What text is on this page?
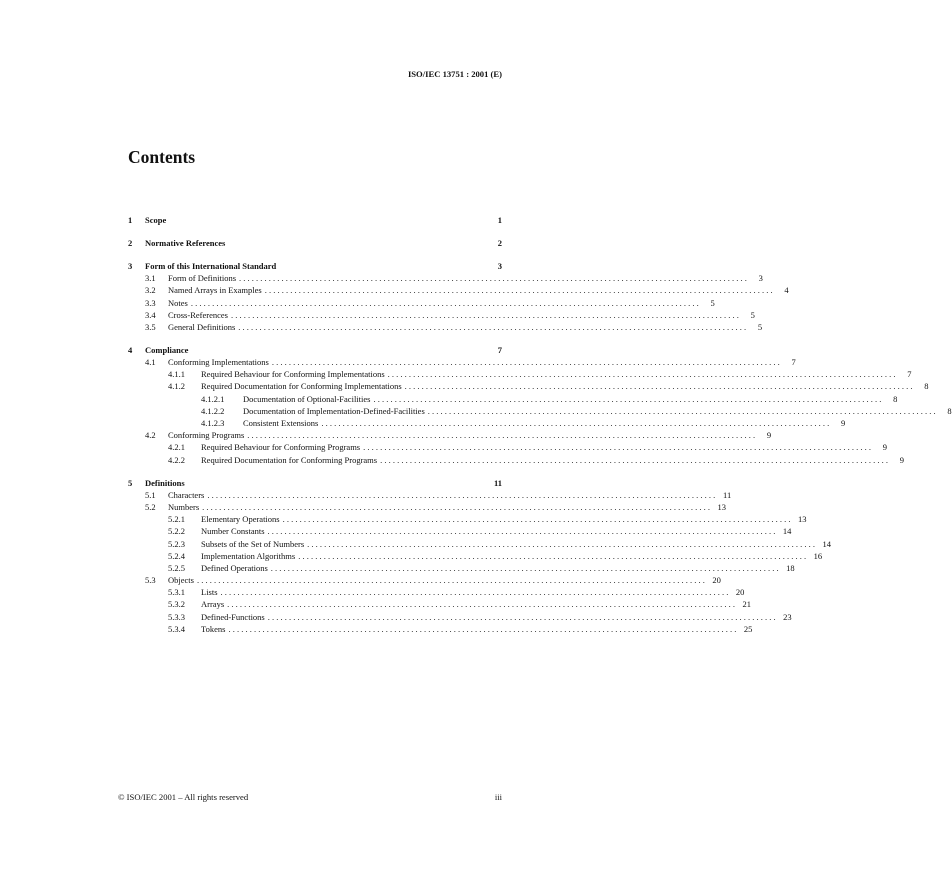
ISO/IEC 13751 : 2001 (E)
Contents
1	Scope	1
2	Normative References	2
3	Form of this International Standard	3
3.1	Form of Definitions . . . . . . . . . . . . . . . . . . . . . . . . . . . . . . . . . . . . . . . . . . . . . . . . . . . . . . . . . . . . . . . . . . . . . . . . . . . . . . . . . . . . . . . . . . . . . . . . . . . . . . . . . . . . . . . . . . . . . . . .	3
3.2	Named Arrays in Examples . . . . . . . . . . . . . . . . . . . . . . . . . . . . . . . . . . . . . . . . . . . . . . . . . . . . . . . . . . . . . . . . . . . . . . . . . . . . . . . . . . . . . . . . . . . . . . . . . . . . . . . . . . . . . . . . . . . . . . . .	4
3.3	Notes . . . . . . . . . . . . . . . . . . . . . . . . . . . . . . . . . . . . . . . . . . . . . . . . . . . . . . . . . . . . . . . . . . . . . . . . . . . . . . . . . . . . . . . . . . . . . . . . . . . . . . . . . . . . . . . . . . . . . . . .	5
3.4	Cross-References . . . . . . . . . . . . . . . . . . . . . . . . . . . . . . . . . . . . . . . . . . . . . . . . . . . . . . . . . . . . . . . . . . . . . . . . . . . . . . . . . . . . . . . . . . . . . . . . . . . . . . . . . . . . . . . . . . . . . . . .	5
3.5	General Definitions . . . . . . . . . . . . . . . . . . . . . . . . . . . . . . . . . . . . . . . . . . . . . . . . . . . . . . . . . . . . . . . . . . . . . . . . . . . . . . . . . . . . . . . . . . . . . . . . . . . . . . . . . . . . . . . . . . . . . . . .	5
4	Compliance	7
4.1	Conforming Implementations . . . . . . . . . . . . . . . . . . . . . . . . . . . . . . . . . . . . . . . . . . . . . . . . . . . . . . . . . . . . . . . . . . . . . . . . . . . . . . . . . . . . . . . . . . . . . . . . . . . . . . . . . . . . . . . . . . . . . . . .	7
4.1.1	Required Behaviour for Conforming Implementations . . . . . . . . . . . . . . . . . . . . . . . . . . . . . . . . . . . . . . . . . . . . . . . . . . . . . . . . . . . . . . . . . . . . . . . . . . . . . . . . . . . . . . . . . . . . . . . . . . . . . . . . . . . . . . . . . . . . . . . .	7
4.1.2	Required Documentation for Conforming Implementations . . . . . . . . . . . . . . . . . . . . . . . . . . . . . . . . . . . . . . . . . . . . . . . . . . . . . . . . . . . . . . . . . . . . . . . . . . . . . . . . . . . . . . . . . . . . . . . . . . . . . . . . . . . . . . . . . . . . . . . .	8
4.1.2.1	Documentation of Optional-Facilities . . . . . . . . . . . . . . . . . . . . . . . . . . . . . . . . . . . . . . . . . . . . . . . . . . . . . . . . . . . . . . . . . . . . . . . . . . . . . . . . . . . . . . . . . . . . . . . . . . . . . . . . . . . . . . . . . . . . . . . .	8
4.1.2.2	Documentation of Implementation-Defined-Facilities . . . . . . . . . . . . . . . . . . . . . . . . . . . . . . . . . . . . . . . . . . . . . . . . . . . . . . . . . . . . . . . . . . . . . . . . . . . . . . . . . . . . . . . . . . . . . . . . . . . . . . . . . . . . . . . . . . . . . . . .	8
4.1.2.3	Consistent Extensions . . . . . . . . . . . . . . . . . . . . . . . . . . . . . . . . . . . . . . . . . . . . . . . . . . . . . . . . . . . . . . . . . . . . . . . . . . . . . . . . . . . . . . . . . . . . . . . . . . . . . . . . . . . . . . . . . . . . . . . .	9
4.2	Conforming Programs . . . . . . . . . . . . . . . . . . . . . . . . . . . . . . . . . . . . . . . . . . . . . . . . . . . . . . . . . . . . . . . . . . . . . . . . . . . . . . . . . . . . . . . . . . . . . . . . . . . . . . . . . . . . . . . . . . . . . . . .	9
4.2.1	Required Behaviour for Conforming Programs . . . . . . . . . . . . . . . . . . . . . . . . . . . . . . . . . . . . . . . . . . . . . . . . . . . . . . . . . . . . . . . . . . . . . . . . . . . . . . . . . . . . . . . . . . . . . . . . . . . . . . . . . . . . . . . . . . . . . . . .	9
4.2.2	Required Documentation for Conforming Programs . . . . . . . . . . . . . . . . . . . . . . . . . . . . . . . . . . . . . . . . . . . . . . . . . . . . . . . . . . . . . . . . . . . . . . . . . . . . . . . . . . . . . . . . . . . . . . . . . . . . . . . . . . . . . . . . . . . . . . . .	9
5	Definitions	11
5.1	Characters . . . . . . . . . . . . . . . . . . . . . . . . . . . . . . . . . . . . . . . . . . . . . . . . . . . . . . . . . . . . . . . . . . . . . . . . . . . . . . . . . . . . . . . . . . . . . . . . . . . . . . . . . . . . . . . . . . . . . . . . 11
5.2	Numbers . . . . . . . . . . . . . . . . . . . . . . . . . . . . . . . . . . . . . . . . . . . . . . . . . . . . . . . . . . . . . . . . . . . . . . . . . . . . . . . . . . . . . . . . . . . . . . . . . . . . . . . . . . . . . . . . . . . . . . . . 13
5.2.1	Elementary Operations . . . . . . . . . . . . . . . . . . . . . . . . . . . . . . . . . . . . . . . . . . . . . . . . . . . . . . . . . . . . . . . . . . . . . . . . . . . . . . . . . . . . . . . . . . . . . . . . . . . . . . . . . . . . . . . . . . . . . . . . 13
5.2.2	Number Constants . . . . . . . . . . . . . . . . . . . . . . . . . . . . . . . . . . . . . . . . . . . . . . . . . . . . . . . . . . . . . . . . . . . . . . . . . . . . . . . . . . . . . . . . . . . . . . . . . . . . . . . . . . . . . . . . . . . . . . . . 14
5.2.3	Subsets of the Set of Numbers . . . . . . . . . . . . . . . . . . . . . . . . . . . . . . . . . . . . . . . . . . . . . . . . . . . . . . . . . . . . . . . . . . . . . . . . . . . . . . . . . . . . . . . . . . . . . . . . . . . . . . . . . . . . . . . . . . . . . . . . 14
5.2.4	Implementation Algorithms . . . . . . . . . . . . . . . . . . . . . . . . . . . . . . . . . . . . . . . . . . . . . . . . . . . . . . . . . . . . . . . . . . . . . . . . . . . . . . . . . . . . . . . . . . . . . . . . . . . . . . . . . . . . . . . . . . . . . . . . 16
5.2.5	Defined Operations . . . . . . . . . . . . . . . . . . . . . . . . . . . . . . . . . . . . . . . . . . . . . . . . . . . . . . . . . . . . . . . . . . . . . . . . . . . . . . . . . . . . . . . . . . . . . . . . . . . . . . . . . . . . . . . . . . . . . . . . 18
5.3	Objects . . . . . . . . . . . . . . . . . . . . . . . . . . . . . . . . . . . . . . . . . . . . . . . . . . . . . . . . . . . . . . . . . . . . . . . . . . . . . . . . . . . . . . . . . . . . . . . . . . . . . . . . . . . . . . . . . . . . . . . . 20
5.3.1	Lists . . . . . . . . . . . . . . . . . . . . . . . . . . . . . . . . . . . . . . . . . . . . . . . . . . . . . . . . . . . . . . . . . . . . . . . . . . . . . . . . . . . . . . . . . . . . . . . . . . . . . . . . . . . . . . . . . . . . . . . . 20
5.3.2	Arrays . . . . . . . . . . . . . . . . . . . . . . . . . . . . . . . . . . . . . . . . . . . . . . . . . . . . . . . . . . . . . . . . . . . . . . . . . . . . . . . . . . . . . . . . . . . . . . . . . . . . . . . . . . . . . . . . . . . . . . . . 21
5.3.3	Defined-Functions . . . . . . . . . . . . . . . . . . . . . . . . . . . . . . . . . . . . . . . . . . . . . . . . . . . . . . . . . . . . . . . . . . . . . . . . . . . . . . . . . . . . . . . . . . . . . . . . . . . . . . . . . . . . . . . . . . . . . . . . 23
5.3.4	Tokens . . . . . . . . . . . . . . . . . . . . . . . . . . . . . . . . . . . . . . . . . . . . . . . . . . . . . . . . . . . . . . . . . . . . . . . . . . . . . . . . . . . . . . . . . . . . . . . . . . . . . . . . . . . . . . . . . . . . . . . . 25
© ISO/IEC 2001 – All rights reserved	iii
